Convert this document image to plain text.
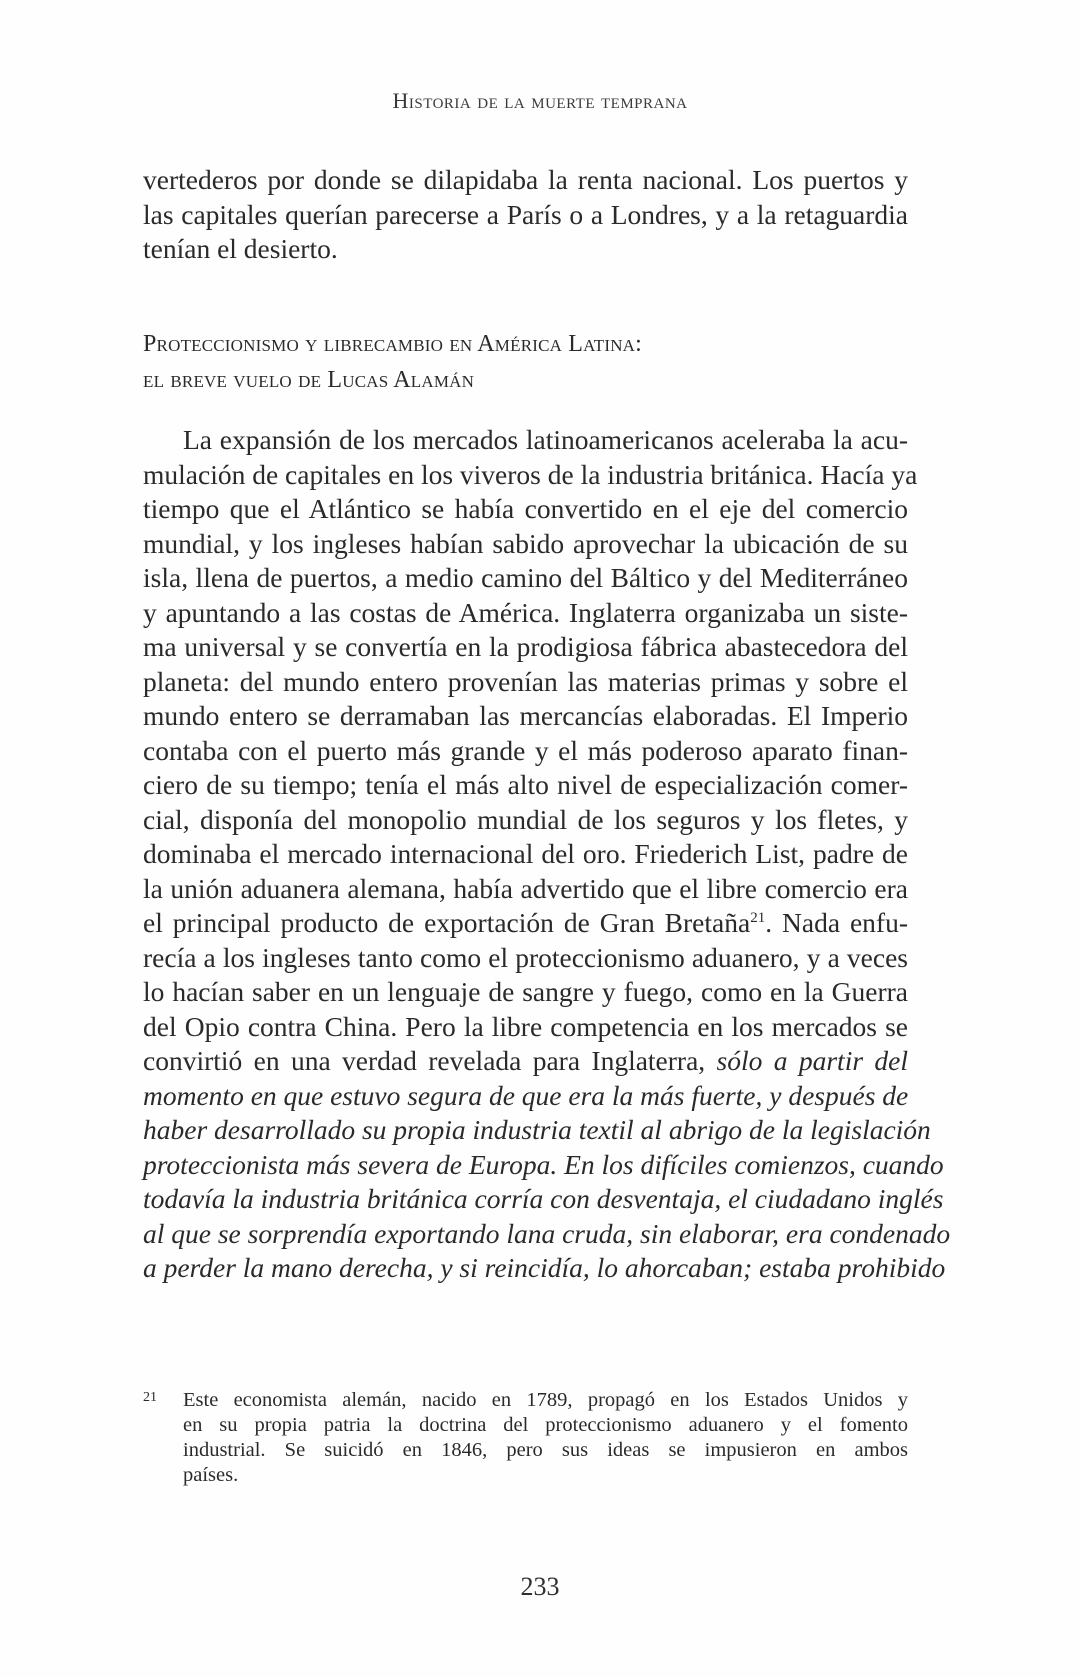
Historia de la muerte temprana
vertederos por donde se dilapidaba la renta nacional. Los puertos y
las capitales querían parecerse a París o a Londres, y a la retaguardia
tenían el desierto.
Proteccionismo y librecambio en América Latina:
el breve vuelo de Lucas Alamán
La expansión de los mercados latinoamericanos aceleraba la acu-
mulación de capitales en los viveros de la industria británica. Hacía ya
tiempo que el Atlántico se había convertido en el eje del comercio
mundial, y los ingleses habían sabido aprovechar la ubicación de su
isla, llena de puertos, a medio camino del Báltico y del Mediterráneo
y apuntando a las costas de América. Inglaterra organizaba un siste-
ma universal y se convertía en la prodigiosa fábrica abastecedora del
planeta: del mundo entero provenían las materias primas y sobre el
mundo entero se derramaban las mercancías elaboradas. El Imperio
contaba con el puerto más grande y el más poderoso aparato finan-
ciero de su tiempo; tenía el más alto nivel de especialización comer-
cial, disponía del monopolio mundial de los seguros y los fletes, y
dominaba el mercado internacional del oro. Friederich List, padre de
la unión aduanera alemana, había advertido que el libre comercio era
el principal producto de exportación de Gran Bretaña$^{21}$. Nada enfu-
recía a los ingleses tanto como el proteccionismo aduanero, y a veces
lo hacían saber en un lenguaje de sangre y fuego, como en la Guerra
del Opio contra China. Pero la libre competencia en los mercados se
convirtió en una verdad revelada para Inglaterra, sólo a partir del
momento en que estuvo segura de que era la más fuerte, y después de
haber desarrollado su propia industria textil al abrigo de la legislación
proteccionista más severa de Europa. En los difíciles comienzos, cuando
todavía la industria británica corría con desventaja, el ciudadano inglés
al que se sorprendía exportando lana cruda, sin elaborar, era condenado
a perder la mano derecha, y si reincidía, lo ahorcaban; estaba prohibido
21 Este economista alemán, nacido en 1789, propagó en los Estados Unidos y
en su propia patria la doctrina del proteccionismo aduanero y el fomento
industrial. Se suicidó en 1846, pero sus ideas se impusieron en ambos
países.
233
